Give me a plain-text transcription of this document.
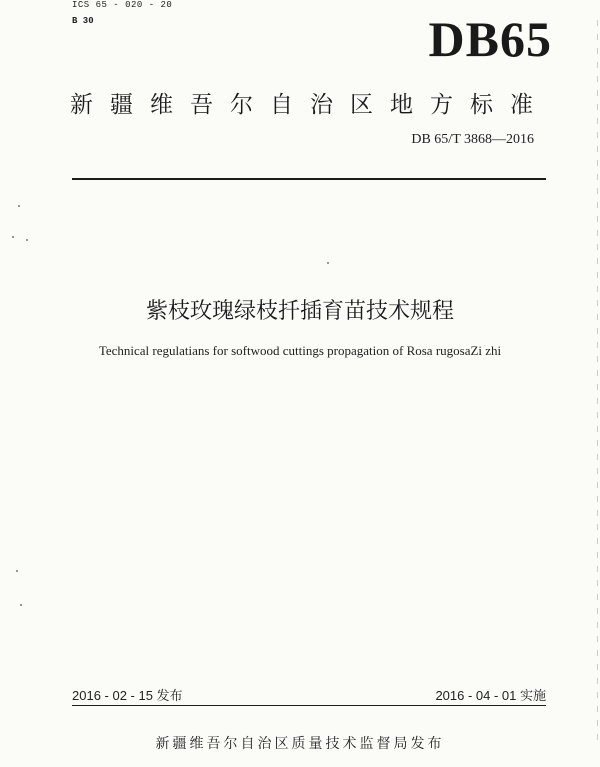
ICS 65 - 020 - 20
B 30	DB65
新疆维吾尔自治区地方标准
DB 65/T 3868—2016
紫枝玫瑰绿枝扦插育苗技术规程
Technical regulatians for softwood cuttings propagation of Rosa rugosaZi zhi
2016 - 02 - 15 发布	2016 - 04 - 01 实施
新疆维吾尔自治区质量技术监督局发布
